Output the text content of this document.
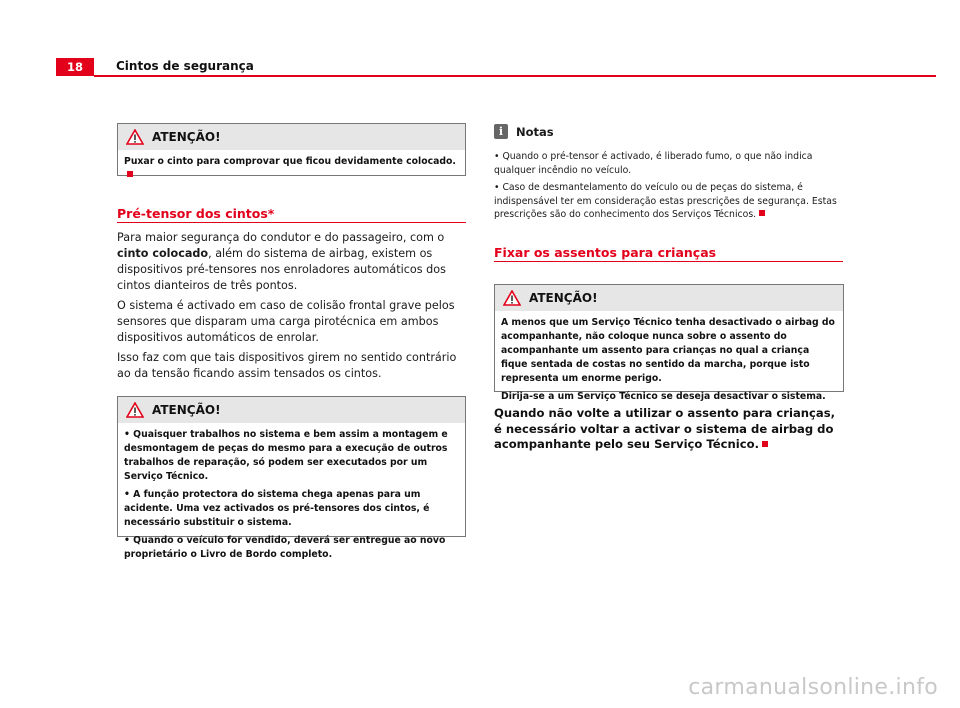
18	Cintos de segurança
ATENÇÃO!

Puxar o cinto para comprovar que ficou devidamente colocado.

Pré-tensor dos cintos*

Para maior segurança do condutor e do passageiro, com o cinto colocado, além do sistema de airbag, existem os dispositivos pré-tensores nos enroladores automáticos dos cintos dianteiros de três pontos.

O sistema é activado em caso de colisão frontal grave pelos sensores que disparam uma carga pirotécnica em ambos dispositivos automáticos de enrolar.

Isso faz com que tais dispositivos girem no sentido contrário ao da tensão ficando assim tensados os cintos.

ATENÇÃO!

• Quaisquer trabalhos no sistema e bem assim a montagem e desmontagem de peças do mesmo para a execução de outros trabalhos de reparação, só podem ser executados por um Serviço Técnico.

• A função protectora do sistema chega apenas para um acidente. Uma vez activados os pré-tensores dos cintos, é necessário substituir o sistema.

• Quando o veículo for vendido, deverá ser entregue ao novo proprietário o Livro de Bordo completo.

i	Notas

• Quando o pré-tensor é activado, é liberado fumo, o que não indica qualquer incêndio no veículo.

• Caso de desmantelamento do veículo ou de peças do sistema, é indispensável ter em consideração estas prescrições de segurança. Estas prescrições são do conhecimento dos Serviços Técnicos.

Fixar os assentos para crianças
ATENÇÃO!

A menos que um Serviço Técnico tenha desactivado o airbag do acompanhante, não coloque nunca sobre o assento do acompanhante um assento para crianças no qual a criança fique sentada de costas no sentido da marcha, porque isto representa um enorme perigo.

Dirija-se a um Serviço Técnico se deseja desactivar o sistema.

Quando não volte a utilizar o assento para crianças, é necessário voltar a activar o sistema de airbag do acompanhante pelo seu Serviço Técnico.
carmanualsonline.info
